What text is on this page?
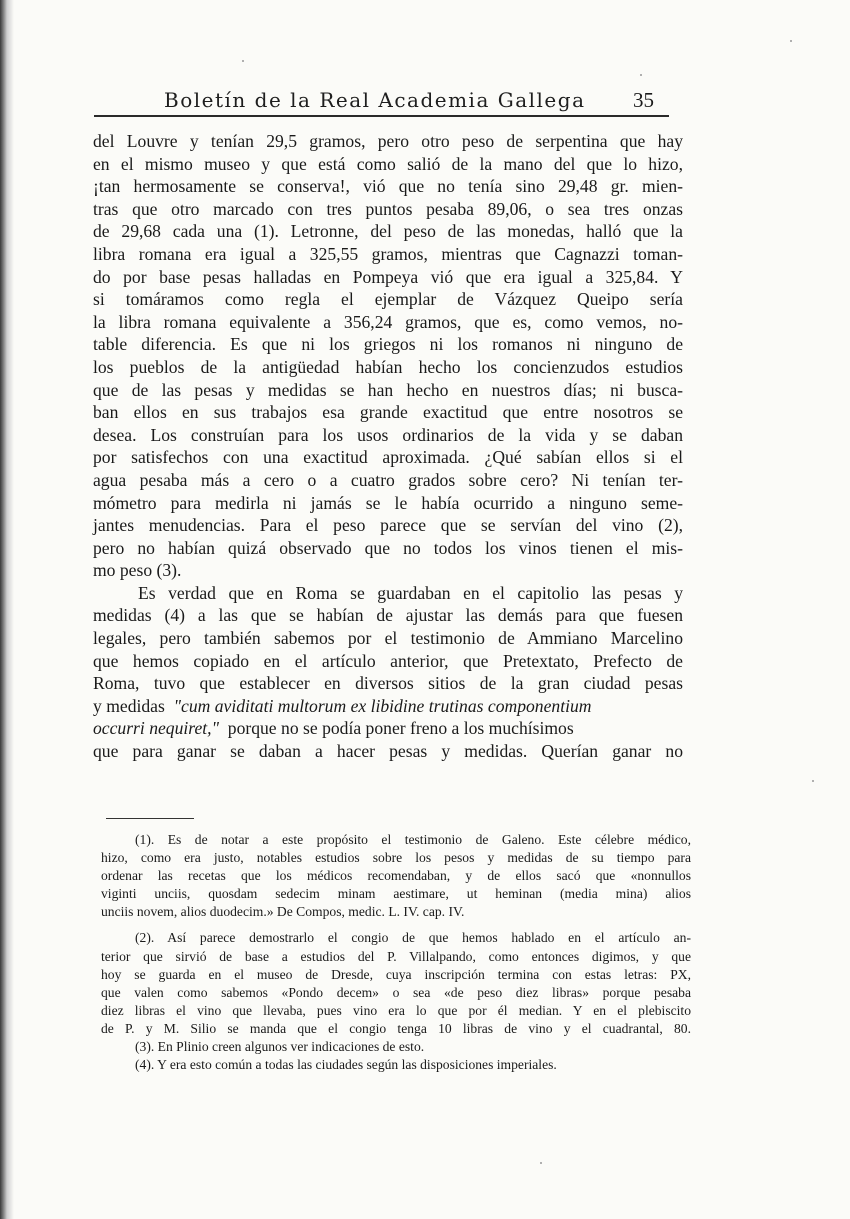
Boletín de la Real Academia Gallega 35
del Louvre y tenían 29,5 gramos, pero otro peso de serpentina que hay
en el mismo museo y que está como salió de la mano del que lo hizo,
¡tan hermosamente se conserva!, vió que no tenía sino 29,48 gr. mien-
tras que otro marcado con tres puntos pesaba 89,06, o sea tres onzas
de 29,68 cada una (1). Letronne, del peso de las monedas, halló que la
libra romana era igual a 325,55 gramos, mientras que Cagnazzi toman-
do por base pesas halladas en Pompeya vió que era igual a 325,84. Y
si tomáramos como regla el ejemplar de Vázquez Queipo sería
la libra romana equivalente a 356,24 gramos, que es, como vemos, no-
table diferencia. Es que ni los griegos ni los romanos ni ninguno de
los pueblos de la antigüedad habían hecho los concienzudos estudios
que de las pesas y medidas se han hecho en nuestros días; ni busca-
ban ellos en sus trabajos esa grande exactitud que entre nosotros se
desea. Los construían para los usos ordinarios de la vida y se daban
por satisfechos con una exactitud aproximada. ¿Qué sabían ellos si el
agua pesaba más a cero o a cuatro grados sobre cero? Ni tenían ter-
mómetro para medirla ni jamás se le había ocurrido a ninguno seme-
jantes menudencias. Para el peso parece que se servían del vino (2),
pero no habían quizá observado que no todos los vinos tienen el mis-
mo peso (3).
Es verdad que en Roma se guardaban en el capitolio las pesas y
medidas (4) a las que se habían de ajustar las demás para que fuesen
legales, pero también sabemos por el testimonio de Ammiano Marcelino
que hemos copiado en el artículo anterior, que Pretextato, Prefecto de
Roma, tuvo que establecer en diversos sitios de la gran ciudad pesas
y medidas "cum aviditati multorum ex libidine trutinas componentium
occurri nequiret," porque no se podía poner freno a los muchísimos
que para ganar se daban a hacer pesas y medidas. Querían ganar no
(1). Es de notar a este propósito el testimonio de Galeno. Este célebre médico,
hizo, como era justo, notables estudios sobre los pesos y medidas de su tiempo para
ordenar las recetas que los médicos recomendaban, y de ellos sacó que «nonnullos
viginti unciis, quosdam sedecim minam aestimare, ut heminan (media mina) alios
unciis novem, alios duodecim.» De Compos, medic. L. IV. cap. IV.
(2). Así parece demostrarlo el congio de que hemos hablado en el artículo an-
terior que sirvió de base a estudios del P. Villalpando, como entonces digimos, y que
hoy se guarda en el museo de Dresde, cuya inscripción termina con estas letras: PX,
que valen como sabemos «Pondo decem» o sea «de peso diez libras» porque pesaba
diez libras el vino que llevaba, pues vino era lo que por él median. Y en el plebiscito
de P. y M. Silio se manda que el congio tenga 10 libras de vino y el cuadrantal, 80.
(3). En Plinio creen algunos ver indicaciones de esto.
(4). Y era esto común a todas las ciudades según las disposiciones imperiales.
